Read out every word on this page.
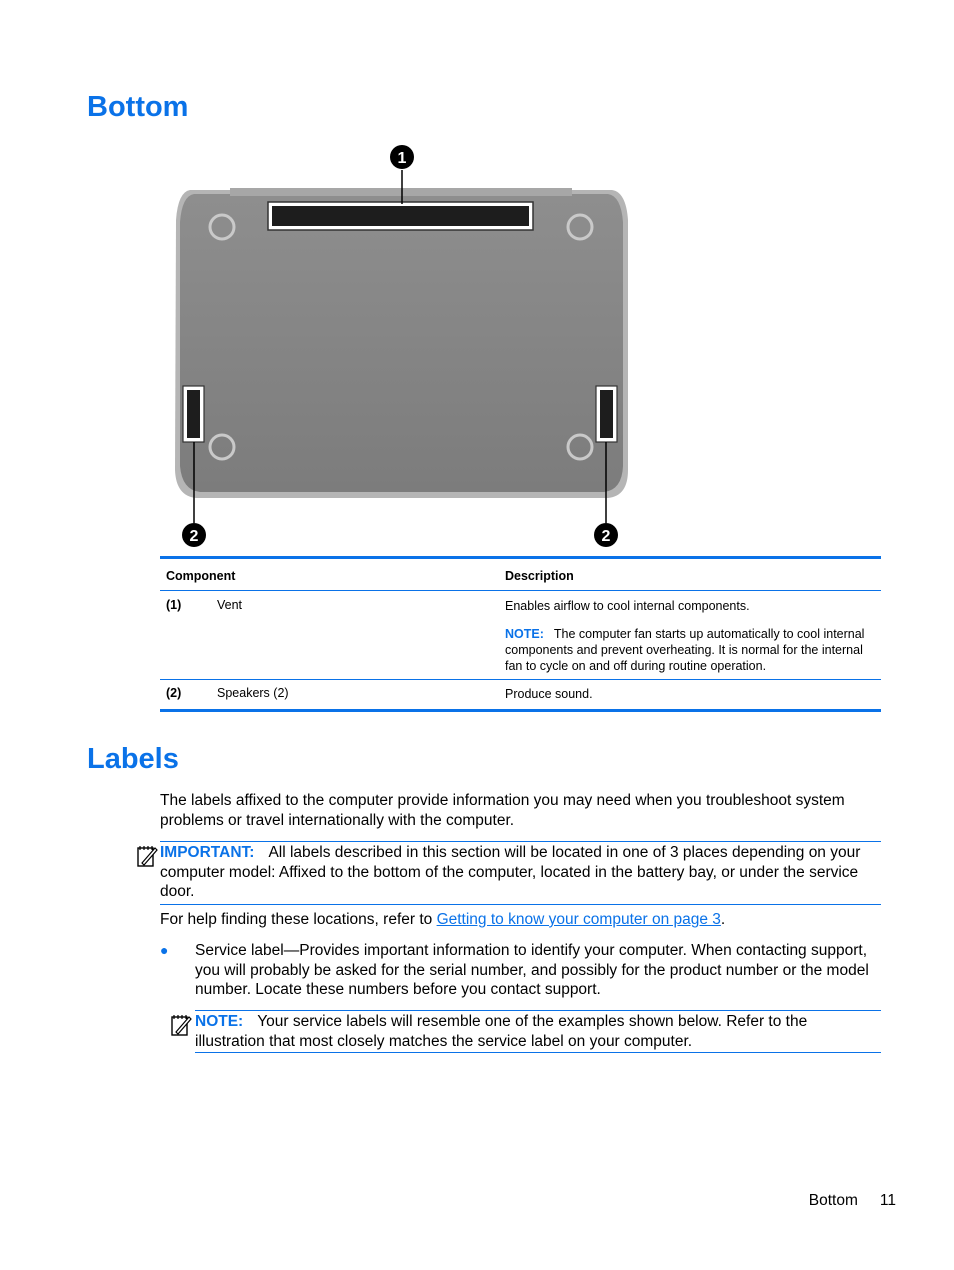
Bottom
1
2	2
Component	Description
(1)	Vent	Enables airflow to cool internal components.
NOTE: The computer fan starts up automatically to cool internal components and prevent overheating. It is normal for the internal fan to cycle on and off during routine operation.
(2)	Speakers (2)	Produce sound.
Labels
The labels affixed to the computer provide information you may need when you troubleshoot system problems or travel internationally with the computer.
IMPORTANT: All labels described in this section will be located in one of 3 places depending on your computer model: Affixed to the bottom of the computer, located in the battery bay, or under the service door.
For help finding these locations, refer to Getting to know your computer on page 3.
● Service label—Provides important information to identify your computer. When contacting support, you will probably be asked for the serial number, and possibly for the product number or the model number. Locate these numbers before you contact support.
NOTE: Your service labels will resemble one of the examples shown below. Refer to the illustration that most closely matches the service label on your computer.
Bottom 11
